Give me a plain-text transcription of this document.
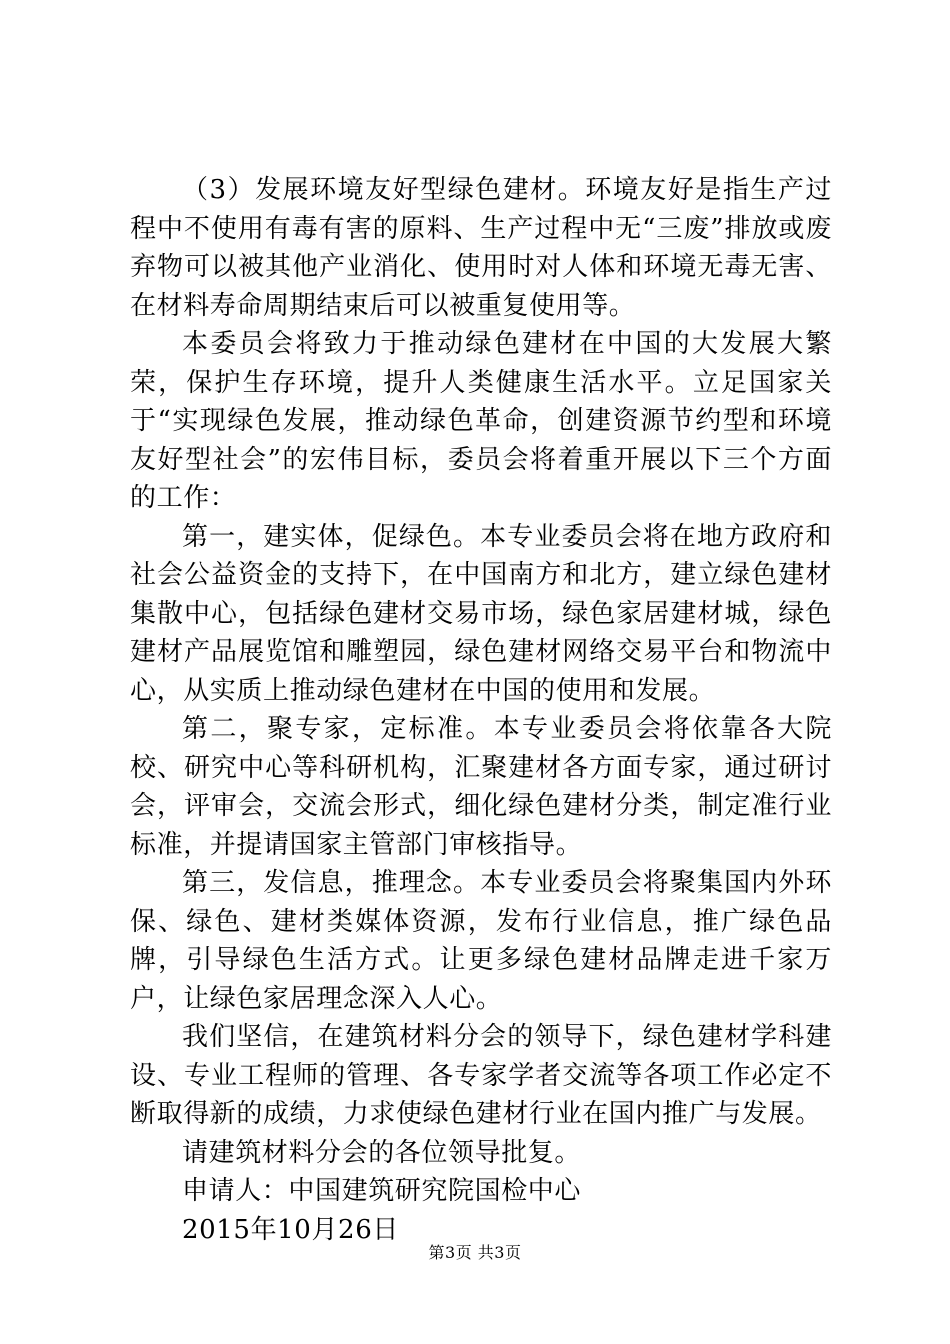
（3）发展环境友好型绿色建材。环境友好是指生产过程中不使用有毒有害的原料、生产过程中无“三废”排放或废弃物可以被其他产业消化、使用时对人体和环境无毒无害、在材料寿命周期结束后可以被重复使用等。

本委员会将致力于推动绿色建材在中国的大发展大繁荣，保护生存环境，提升人类健康生活水平。立足国家关于“实现绿色发展，推动绿色革命，创建资源节约型和环境友好型社会”的宏伟目标，委员会将着重开展以下三个方面的工作：

第一，建实体，促绿色。本专业委员会将在地方政府和社会公益资金的支持下，在中国南方和北方，建立绿色建材集散中心，包括绿色建材交易市场，绿色家居建材城，绿色建材产品展览馆和雕塑园，绿色建材网络交易平台和物流中心，从实质上推动绿色建材在中国的使用和发展。

第二，聚专家，定标准。本专业委员会将依靠各大院校、研究中心等科研机构，汇聚建材各方面专家，通过研讨会，评审会，交流会形式，细化绿色建材分类，制定准行业标准，并提请国家主管部门审核指导。

第三，发信息，推理念。本专业委员会将聚集国内外环保、绿色、建材类媒体资源，发布行业信息，推广绿色品牌，引导绿色生活方式。让更多绿色建材品牌走进千家万户，让绿色家居理念深入人心。

我们坚信，在建筑材料分会的领导下，绿色建材学科建设、专业工程师的管理、各专家学者交流等各项工作必定不断取得新的成绩，力求使绿色建材行业在国内推广与发展。

请建筑材料分会的各位领导批复。

申请人：中国建筑研究院国检中心

2015年10月26日

第3页 共3页
